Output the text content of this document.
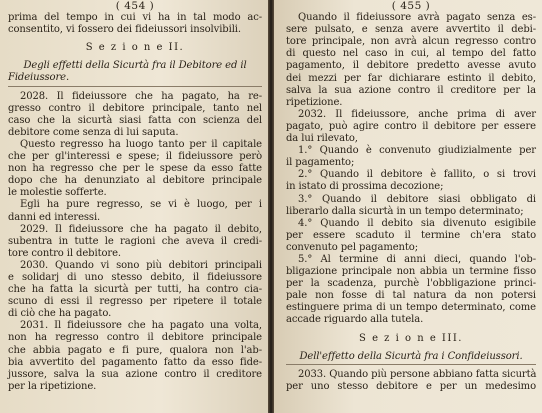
( 454 )
prima del tempo in cui vi ha in tal modo ac-
consentito, vi fossero dei fideiussori insolvibili.
S e z i o n e II.
Degli effetti della Sicurtà fra il Debitore ed il
Fideiussore.
2028. Il fideiussore che ha pagato, ha re-
gresso contro il debitore principale, tanto nel
caso che la sicurtà siasi fatta con scienza del
debitore come senza di lui saputa.
Questo regresso ha luogo tanto per il capitale
che per gl'interessi e spese; il fideiussore però
non ha regresso che per le spese da esso fatte
dopo che ha denunziato al debitore principale
le molestie sofferte.
Egli ha pure regresso, se vi è luogo, per i
danni ed interessi.
2029. Il fideiussore che ha pagato il debito,
subentra in tutte le ragioni che aveva il credi-
tore contro il debitore.
2030. Quando vi sono più debitori principali
e solidarj di uno stesso debito, il fideiussore
che ha fatta la sicurtà per tutti, ha contro cia-
scuno di essi il regresso per ripetere il totale
di ciò che ha pagato.
2031. Il fideiussore che ha pagato una volta,
non ha regresso contro il debitore principale
che abbia pagato e fi pure, qualora non l'ab-
bia avvertito del pagamento fatto da esso fide-
jussore, salva la sua azione contro il creditore
per la ripetizione.
( 455 )
Quando il fideiussore avrà pagato senza es-
sere pulsato, e senza avere avvertito il debi-
tore principale, non avrà alcun regresso contro
di questo nel caso in cui, al tempo del fatto
pagamento, il debitore predetto avesse avuto
dei mezzi per far dichiarare estinto il debito,
salva la sua azione contro il creditore per la
ripetizione.
2032. Il fideiussore, anche prima di aver
pagato, può agire contro il debitore per essere
da lui rilevato,
1.° Quando è convenuto giudizialmente per
il pagamento;
2.° Quando il debitore è fallito, o si trovi
in istato di prossima decozione;
3.° Quando il debitore siasi obbligato di
liberarlo dalla sicurtà in un tempo determinato;
4.° Quando il debito sia divenuto esigibile
per essere scaduto il termine ch'era stato
convenuto pel pagamento;
5.° Al termine di anni dieci, quando l'ob-
bligazione principale non abbia un termine fisso
per la scadenza, purchè l'obbligazione princi-
pale non fosse di tal natura da non potersi
estinguere prima di un tempo determinato, come
accade riguardo alla tutela.
S e z i o n e III.
Dell'effetto della Sicurtà fra i Confideiussori.
2033. Quando più persone abbiano fatta sicurtà
per uno stesso debitore e per un medesimo
